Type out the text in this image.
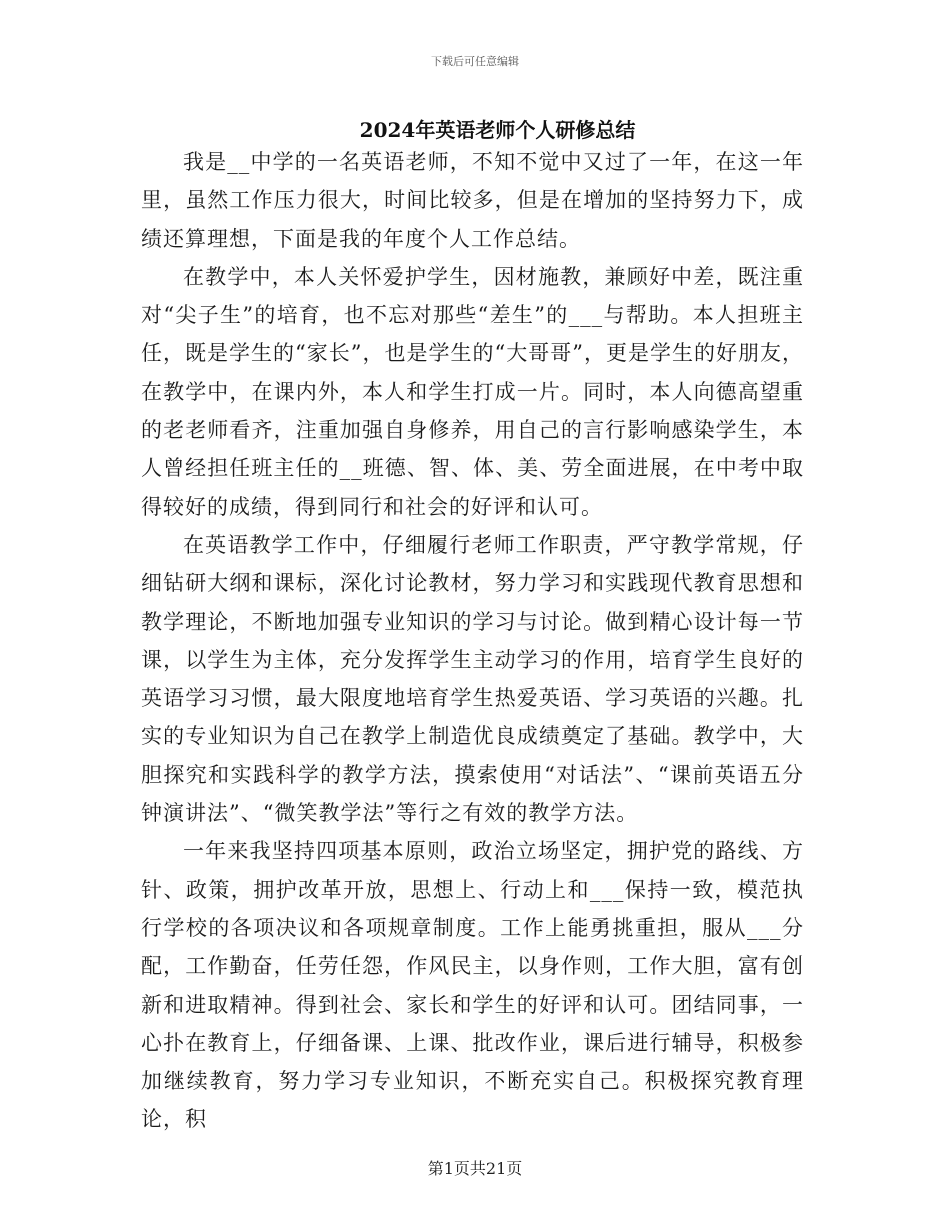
下载后可任意编辑
2024年英语老师个人研修总结

我是__中学的一名英语老师，不知不觉中又过了一年，在这一年里，虽然工作压力很大，时间比较多，但是在增加的坚持努力下，成绩还算理想，下面是我的年度个人工作总结。

在教学中，本人关怀爱护学生，因材施教，兼顾好中差，既注重对“尖子生”的培育，也不忘对那些“差生”的___与帮助。本人担班主任，既是学生的“家长”，也是学生的“大哥哥”，更是学生的好朋友，在教学中，在课内外，本人和学生打成一片。同时，本人向德高望重的老老师看齐，注重加强自身修养，用自己的言行影响感染学生，本人曾经担任班主任的__班德、智、体、美、劳全面进展，在中考中取得较好的成绩，得到同行和社会的好评和认可。

在英语教学工作中，仔细履行老师工作职责，严守教学常规，仔细钻研大纲和课标，深化讨论教材，努力学习和实践现代教育思想和教学理论，不断地加强专业知识的学习与讨论。做到精心设计每一节课，以学生为主体，充分发挥学生主动学习的作用，培育学生良好的英语学习习惯，最大限度地培育学生热爱英语、学习英语的兴趣。扎实的专业知识为自己在教学上制造优良成绩奠定了基础。教学中，大胆探究和实践科学的教学方法，摸索使用“对话法”、“课前英语五分钟演讲法”、“微笑教学法”等行之有效的教学方法。

一年来我坚持四项基本原则，政治立场坚定，拥护党的路线、方针、政策，拥护改革开放，思想上、行动上和___保持一致，模范执行学校的各项决议和各项规章制度。工作上能勇挑重担，服从___分配，工作勤奋，任劳任怨，作风民主，以身作则，工作大胆，富有创新和进取精神。得到社会、家长和学生的好评和认可。团结同事，一心扑在教育上，仔细备课、上课、批改作业，课后进行辅导，积极参加继续教育，努力学习专业知识，不断充实自己。积极探究教育理论，积

第1页共21页
